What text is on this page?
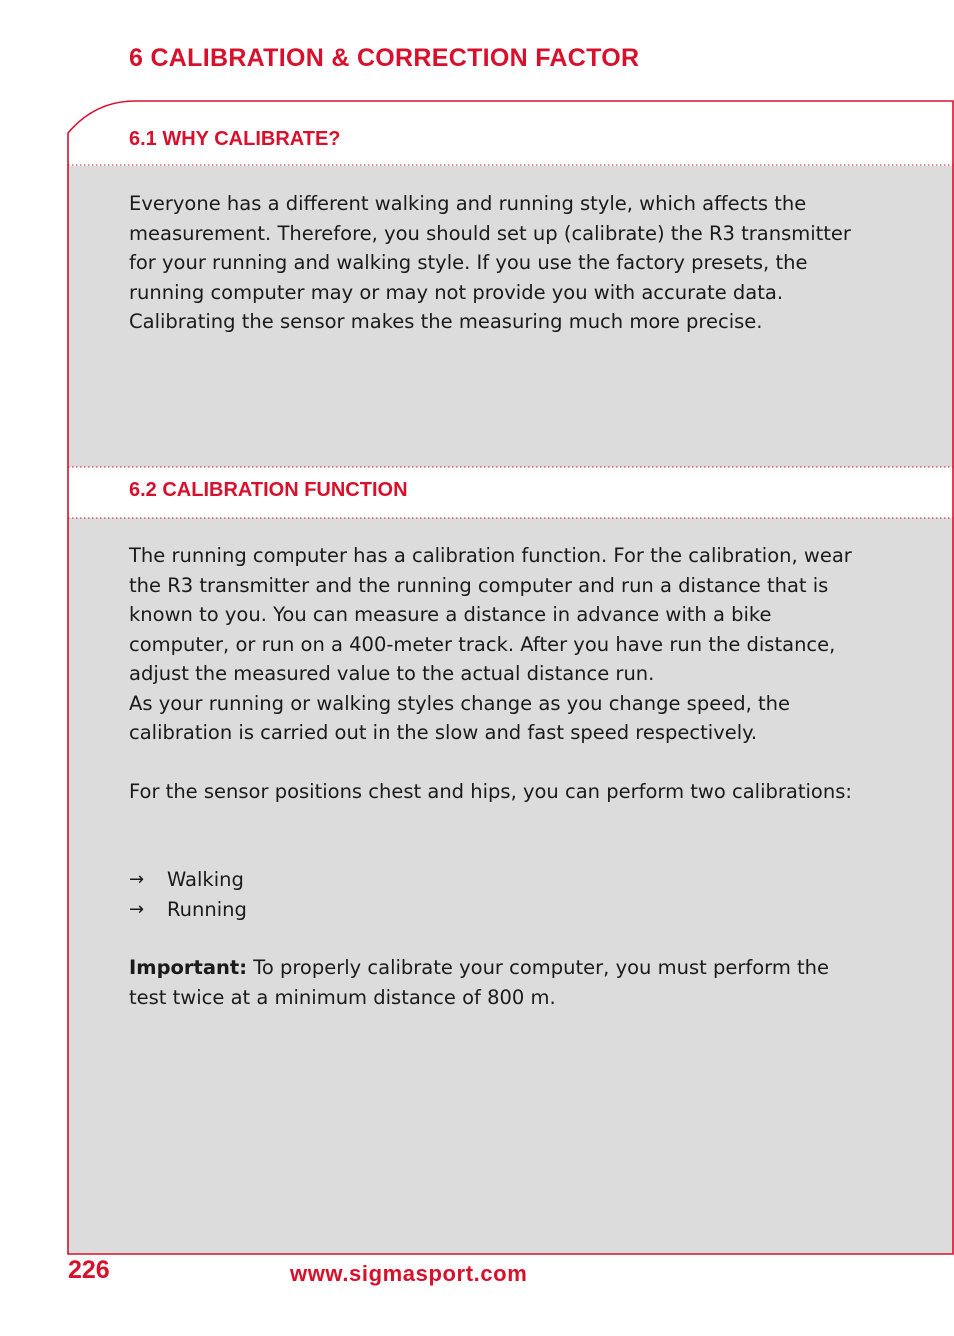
6 CALIBRATION & CORRECTION FACTOR
6.1 WHY CALIBRATE?

Everyone has a different walking and running style, which affects the measurement. Therefore, you should set up (calibrate) the R3 transmitter for your running and walking style. If you use the factory presets, the running computer may or may not provide you with accurate data. Calibrating the sensor makes the measuring much more precise.

6.2 CALIBRATION FUNCTION

The running computer has a calibration function. For the calibration, wear the R3 transmitter and the running computer and run a distance that is known to you. You can measure a distance in advance with a bike computer, or run on a 400-meter track. After you have run the distance, adjust the measured value to the actual distance run.

As your running or walking styles change as you change speed, the calibration is carried out in the slow and fast speed respectively.

For the sensor positions chest and hips, you can perform two calibrations:

→	Walking
→	Running

Important: To properly calibrate your computer, you must perform the test twice at a minimum distance of 800 m.

226	www.sigmasport.com
